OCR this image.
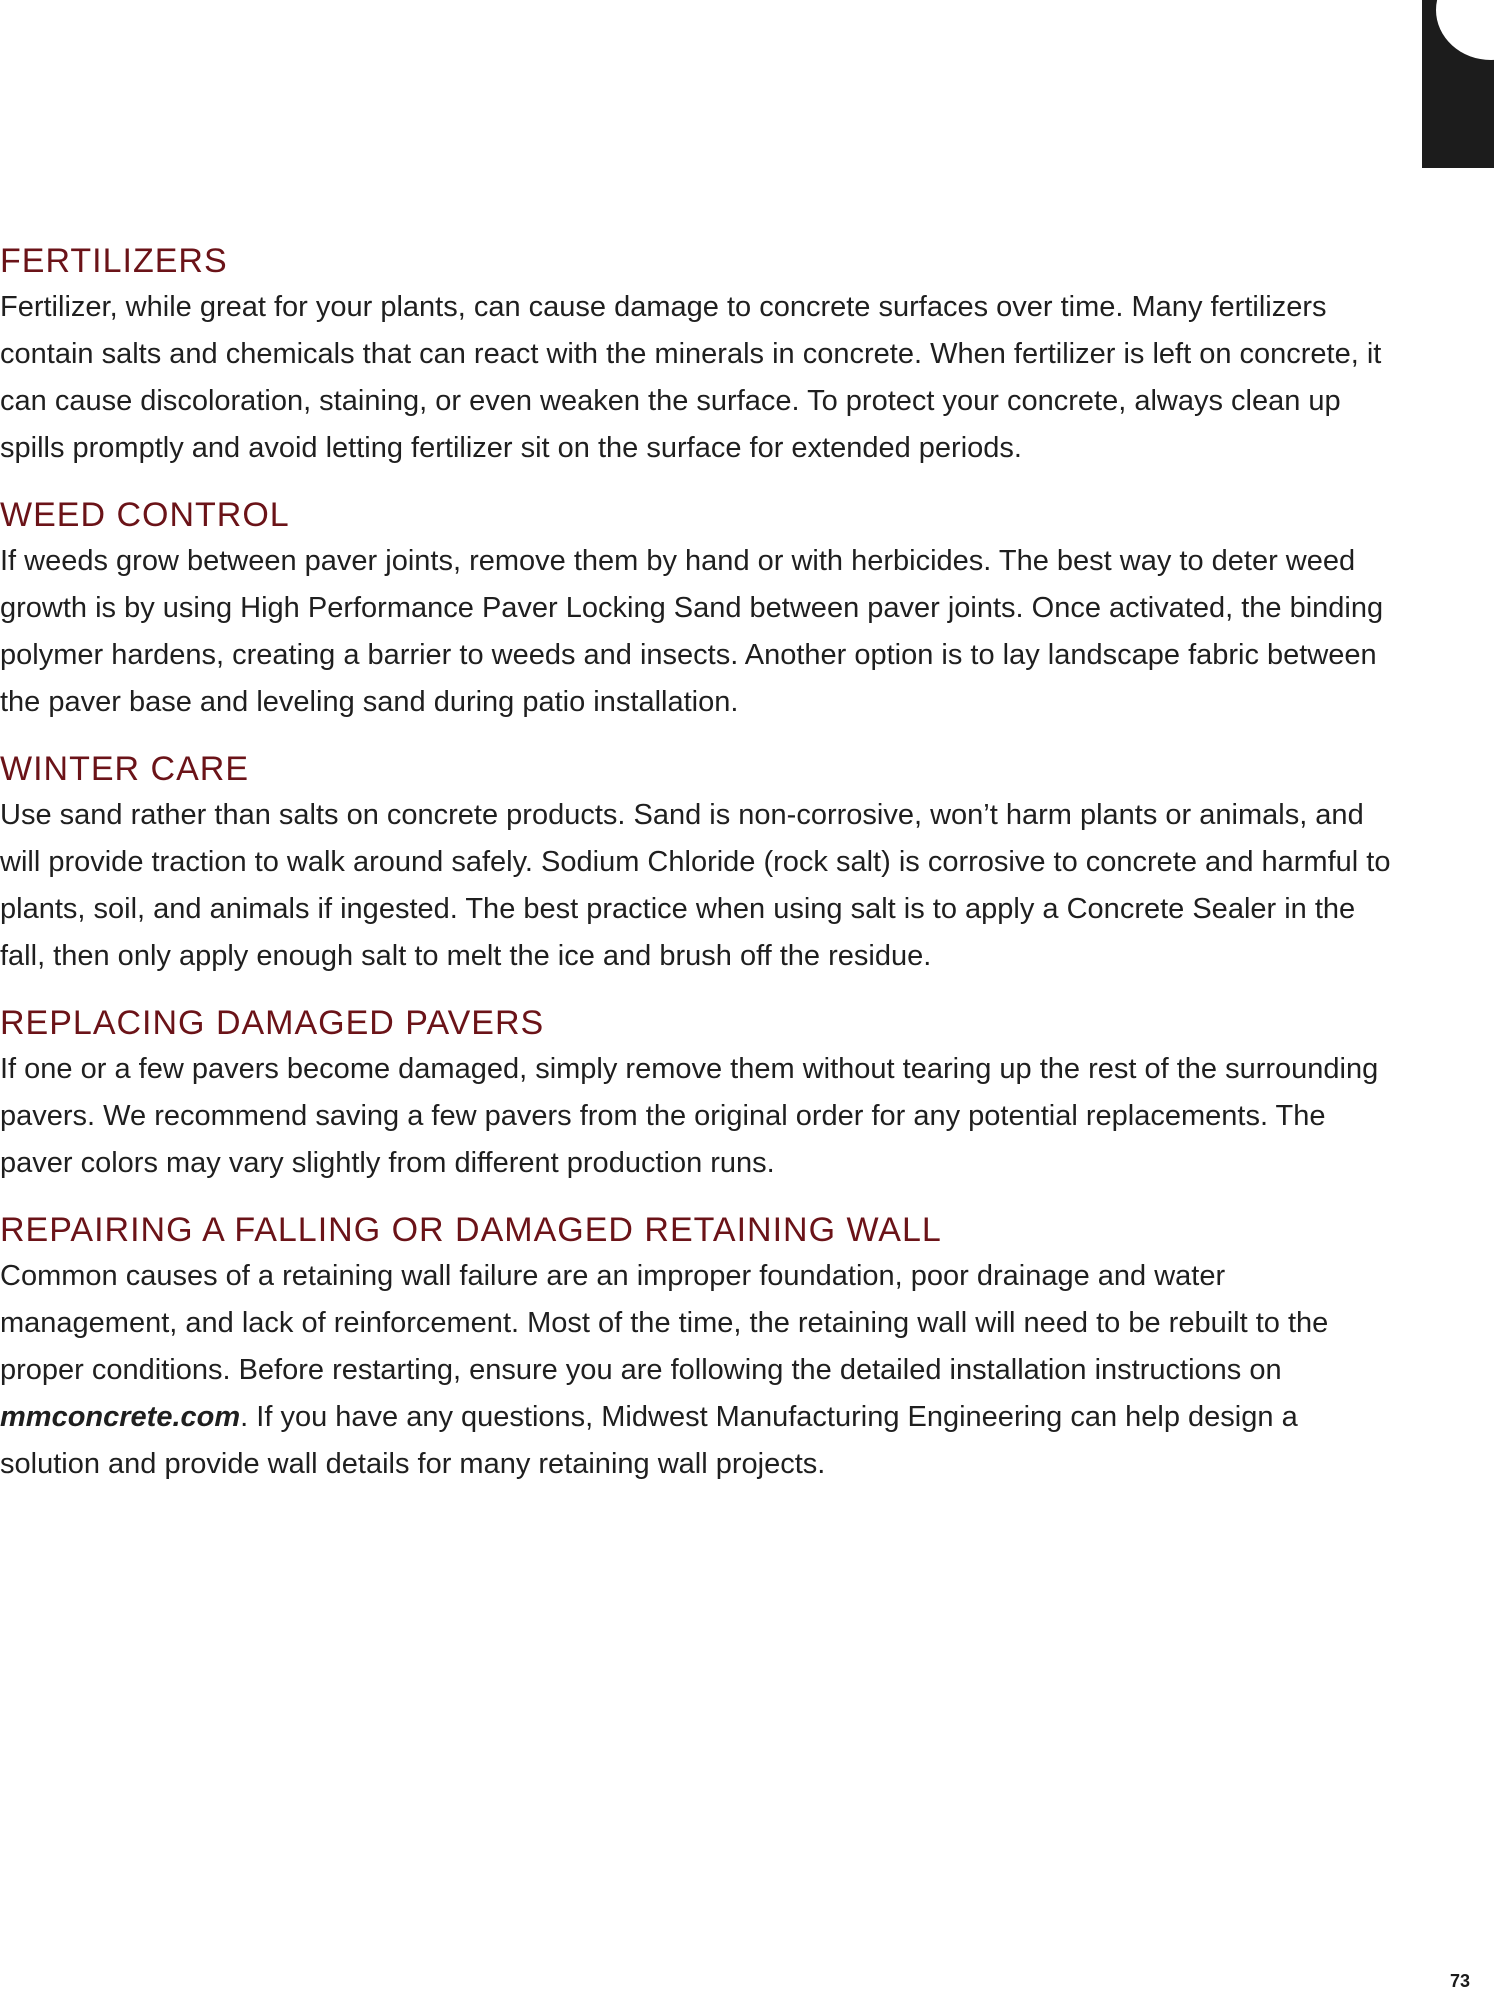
FERTILIZERS

Fertilizer, while great for your plants, can cause damage to concrete surfaces over time. Many fertilizers contain salts and chemicals that can react with the minerals in concrete. When fertilizer is left on concrete, it can cause discoloration, staining, or even weaken the surface. To protect your concrete, always clean up spills promptly and avoid letting fertilizer sit on the surface for extended periods.

WEED CONTROL

If weeds grow between paver joints, remove them by hand or with herbicides. The best way to deter weed growth is by using High Performance Paver Locking Sand between paver joints. Once activated, the binding polymer hardens, creating a barrier to weeds and insects. Another option is to lay landscape fabric between the paver base and leveling sand during patio installation.

WINTER CARE

Use sand rather than salts on concrete products. Sand is non-corrosive, won’t harm plants or animals, and will provide traction to walk around safely. Sodium Chloride (rock salt) is corrosive to concrete and harmful to plants, soil, and animals if ingested. The best practice when using salt is to apply a Concrete Sealer in the fall, then only apply enough salt to melt the ice and brush off the residue.

REPLACING DAMAGED PAVERS

If one or a few pavers become damaged, simply remove them without tearing up the rest of the surrounding pavers. We recommend saving a few pavers from the original order for any potential replacements. The paver colors may vary slightly from different production runs.

REPAIRING A FALLING OR DAMAGED RETAINING WALL

Common causes of a retaining wall failure are an improper foundation, poor drainage and water management, and lack of reinforcement. Most of the time, the retaining wall will need to be rebuilt to the proper conditions. Before restarting, ensure you are following the detailed installation instructions on mmconcrete.com. If you have any questions, Midwest Manufacturing Engineering can help design a solution and provide wall details for many retaining wall projects.

73
